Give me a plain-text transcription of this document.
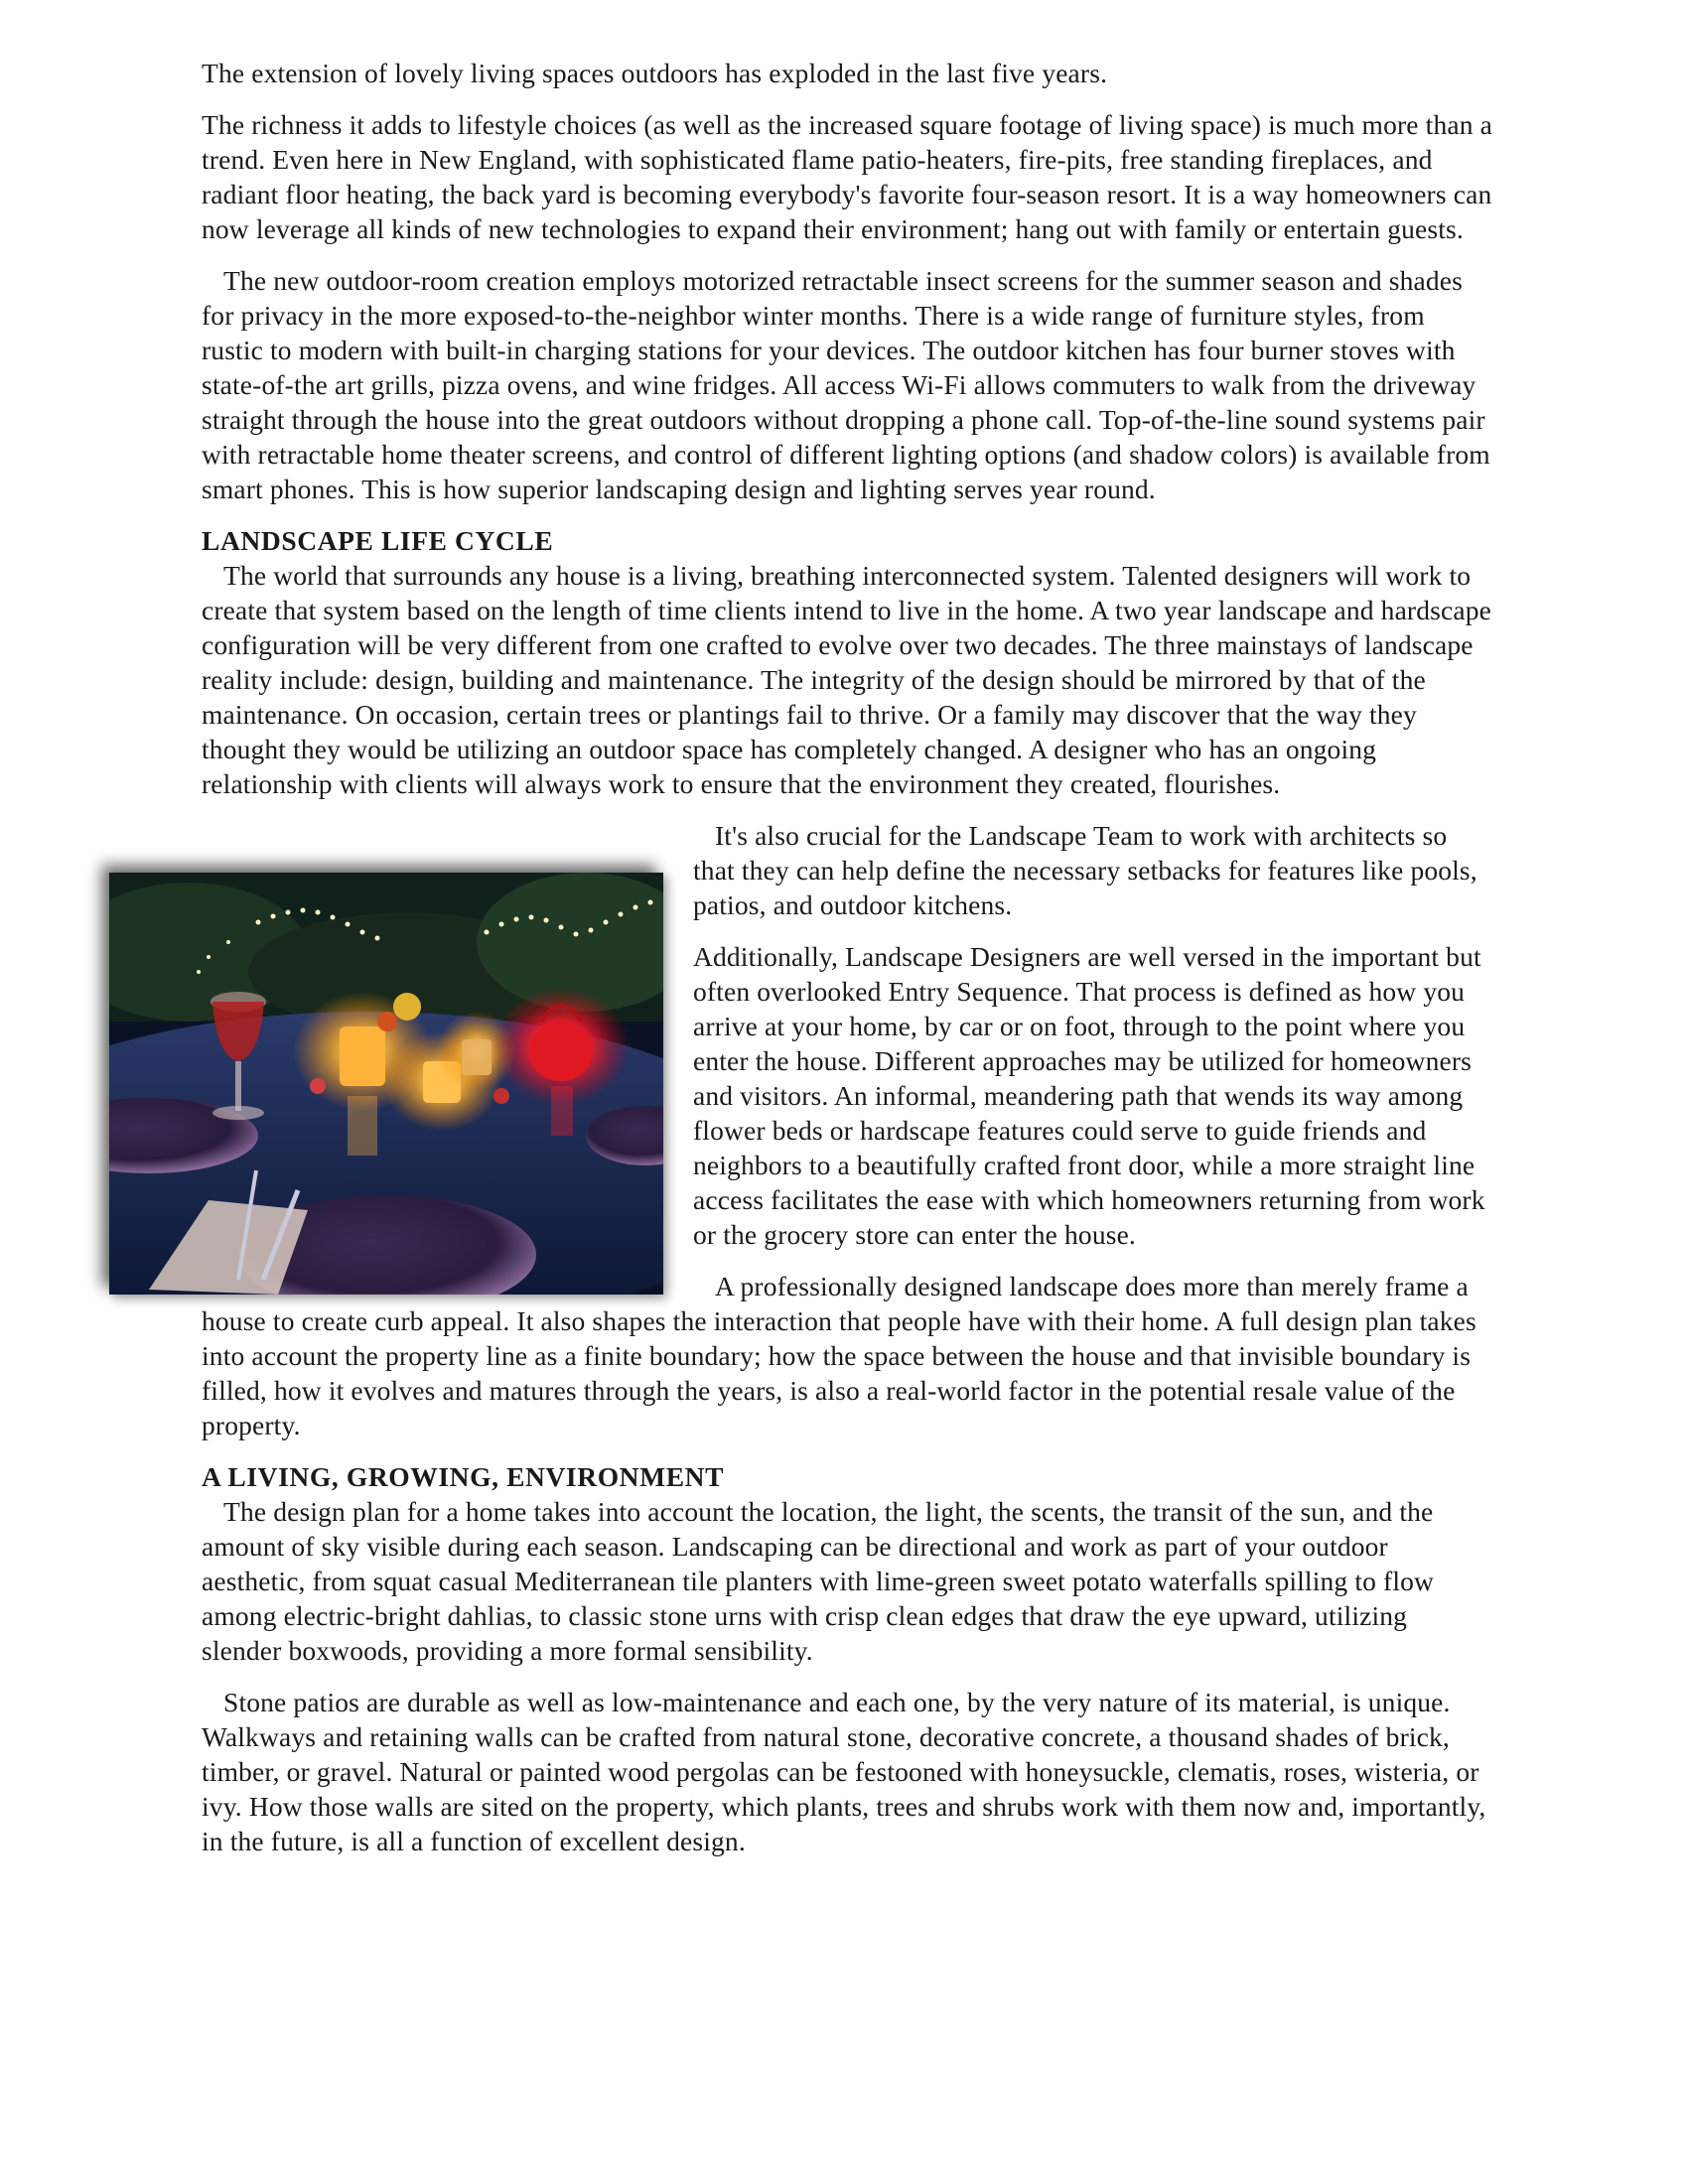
The extension of lovely living spaces outdoors has exploded in the last five years.

The richness it adds to lifestyle choices (as well as the increased square footage of living space) is much more than a trend. Even here in New England, with sophisticated flame patio-heaters, fire-pits, free standing fireplaces, and radiant floor heating, the back yard is becoming everybody's favorite four-season resort. It is a way homeowners can now leverage all kinds of new technologies to expand their environment; hang out with family or entertain guests.

The new outdoor-room creation employs motorized retractable insect screens for the summer season and shades for privacy in the more exposed-to-the-neighbor winter months. There is a wide range of furniture styles, from rustic to modern with built-in charging stations for your devices. The outdoor kitchen has four burner stoves with state-of-the art grills, pizza ovens, and wine fridges. All access Wi-Fi allows commuters to walk from the driveway straight through the house into the great outdoors without dropping a phone call. Top-of-the-line sound systems pair with retractable home theater screens, and control of different lighting options (and shadow colors) is available from smart phones. This is how superior landscaping design and lighting serves year round.

LANDSCAPE LIFE CYCLE

The world that surrounds any house is a living, breathing interconnected system. Talented designers will work to create that system based on the length of time clients intend to live in the home. A two year landscape and hardscape configuration will be very different from one crafted to evolve over two decades. The three mainstays of landscape reality include: design, building and maintenance. The integrity of the design should be mirrored by that of the maintenance. On occasion, certain trees or plantings fail to thrive. Or a family may discover that the way they thought they would be utilizing an outdoor space has completely changed. A designer who has an ongoing relationship with clients will always work to ensure that the environment they created, flourishes.

It's also crucial for the Landscape Team to work with architects so that they can help define the necessary setbacks for features like pools, patios, and outdoor kitchens.

Additionally, Landscape Designers are well versed in the important but often overlooked Entry Sequence. That process is defined as how you arrive at your home, by car or on foot, through to the point where you enter the house. Different approaches may be utilized for homeowners and visitors. An informal, meandering path that wends its way among flower beds or hardscape features could serve to guide friends and neighbors to a beautifully crafted front door, while a more straight line access facilitates the ease with which homeowners returning from work or the grocery store can enter the house.

A professionally designed landscape does more than merely frame a house to create curb appeal. It also shapes the interaction that people have with their home. A full design plan takes into account the property line as a finite boundary; how the space between the house and that invisible boundary is filled, how it evolves and matures through the years, is also a real-world factor in the potential resale value of the property.

A LIVING, GROWING, ENVIRONMENT

The design plan for a home takes into account the location, the light, the scents, the transit of the sun, and the amount of sky visible during each season. Landscaping can be directional and work as part of your outdoor aesthetic, from squat casual Mediterranean tile planters with lime-green sweet potato waterfalls spilling to flow among electric-bright dahlias, to classic stone urns with crisp clean edges that draw the eye upward, utilizing slender boxwoods, providing a more formal sensibility.

Stone patios are durable as well as low-maintenance and each one, by the very nature of its material, is unique. Walkways and retaining walls can be crafted from natural stone, decorative concrete, a thousand shades of brick, timber, or gravel. Natural or painted wood pergolas can be festooned with honeysuckle, clematis, roses, wisteria, or ivy. How those walls are sited on the property, which plants, trees and shrubs work with them now and, importantly, in the future, is all a function of excellent design.
